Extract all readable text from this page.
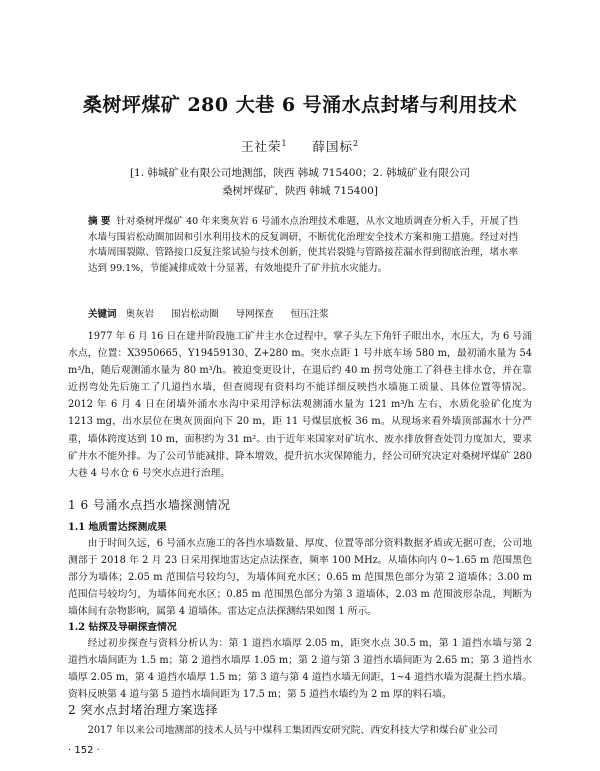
桑树坪煤矿 280 大巷 6 号涌水点封堵与利用技术
王社荣$^1$ 薛国标$^2$
[1. 韩城矿业有限公司地测部，陕西 韩城 715400；2. 韩城矿业有限公司
桑树坪煤矿，陕西 韩城 715400]
摘 要 针对桑树坪煤矿 40 年来奥灰岩 6 号涌水点治理技术难题，从水文地质调查分析入手，开展了挡水墙与围岩松动圈加固和引水利用技术的反复调研，不断优化治理安全技术方案和施工措施。经过对挡水墙周围裂隙、管路接口反复注浆试验与技术创新，使其岩裂缝与管路接茬漏水得到彻底治理，堵水率达到 99.1%，节能减排成效十分显著，有效地提升了矿井抗水灾能力。
关键词 奥灰岩 围岩松动圈 导网探查 恒压注浆
1977 年 6 月 16 日在建井阶段施工矿井主水仓过程中，掌子头左下角钎子眼出水，水压大，为 6 号涌水点，位置：X3950665、Y19459130、Z+280 m。突水点距 1 号井底车场 580 m，最初涌水量为 54 m³/h，随后观测涌水量为 80 m³/h。被迫变更设计，在退后约 40 m 拐弯处施工了斜巷主排水仓，并在靠近拐弯处先后施工了几道挡水墙，但查阅现有资料均不能详细反映挡水墙施工质量、具体位置等情况。2012 年 6 月 4 日在闭墙外涌水水沟中采用浮标法观测涌水量为 121 m³/h 左右，水质化验矿化度为 1213 mg，出水层位在奥灰顶面向下 20 m，距 11 号煤层底板 36 m。从现场来看外墙顶部漏水十分严重，墙体跨度达到 10 m，面积约为 31 m²。由于近年来国家对矿坑水、废水排放督查处罚力度加大，要求矿井水不能外排。为了公司节能减排、降本增效，提升抗水灾保障能力，经公司研究决定对桑树坪煤矿 280 大巷 4 号水仓 6 号突水点进行治理。
1 6 号涌水点挡水墙探测情况
1.1 地质雷达探测成果
由于时间久远，6 号涌水点施工的各挡水墙数量、厚度、位置等部分资料数据矛盾或无据可查，公司地测部于 2018 年 2 月 23 日采用探地雷达定点法探查，频率 100 MHz。从墙体向内 0~1.65 m 范围黑色部分为墙体；2.05 m 范围信号较均匀，为墙体间充水区；0.65 m 范围黑色部分为第 2 道墙体；3.00 m 范围信号较均匀，为墙体间充水区；0.85 m 范围黑色部分为第 3 道墙体，2.03 m 范围波形杂乱，判断为墙体间有杂物影响，属第 4 道墙体。雷达定点法探测结果如图 1 所示。
1.2 钻探及导硐探查情况
经过初步探查与资料分析认为：第 1 道挡水墙厚 2.05 m，距突水点 30.5 m，第 1 道挡水墙与第 2 道挡水墙间距为 1.5 m；第 2 道挡水墙厚 1.05 m；第 2 道与第 3 道挡水墙间距为 2.65 m；第 3 道挡水墙厚 2.05 m，第 4 道挡水墙厚 1.5 m；第 3 道与第 4 道挡水墙无间距，1~4 道挡水墙为混凝土挡水墙。资料反映第 4 道与第 5 道挡水墙间距为 17.5 m；第 5 道挡水墙约为 2 m 厚的料石墙。
2 突水点封堵治理方案选择
2017 年以来公司地测部的技术人员与中煤科工集团西安研究院、西安科技大学和煤台矿业公司
· 152 ·
